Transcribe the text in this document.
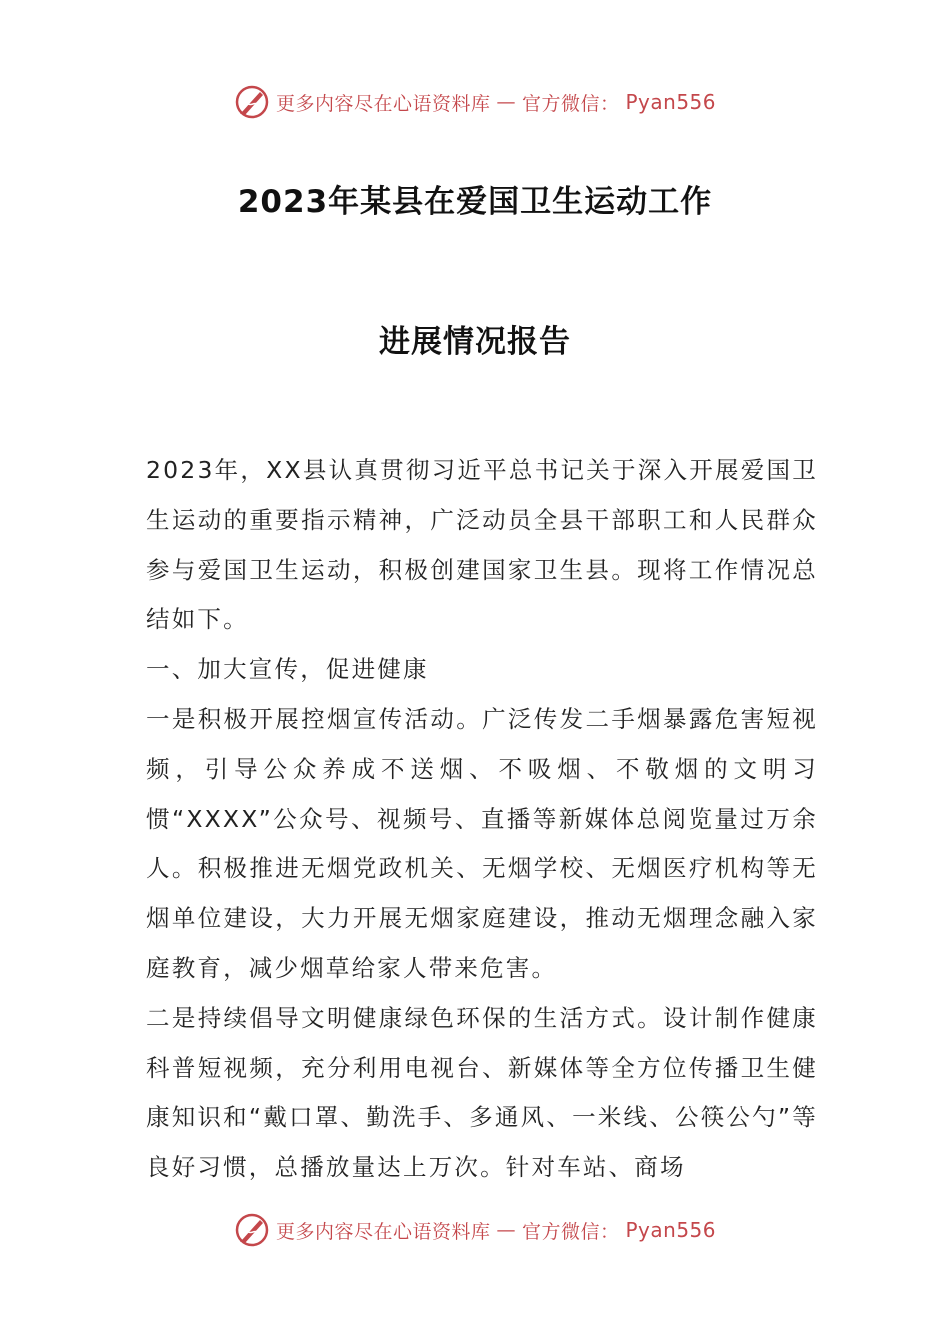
更多内容尽在心语资料库 — 官方微信： Pyan556
2023年某县在爱国卫生运动工作
进展情况报告

2023年，XX县认真贯彻习近平总书记关于深入开展爱国卫生运动的重要指示精神，广泛动员全县干部职工和人民群众参与爱国卫生运动，积极创建国家卫生县。现将工作情况总结如下。

一、加大宣传，促进健康

一是积极开展控烟宣传活动。广泛传发二手烟暴露危害短视频，引导公众养成不送烟、不吸烟、不敬烟的文明习惯“XXXX”公众号、视频号、直播等新媒体总阅览量过万余人。积极推进无烟党政机关、无烟学校、无烟医疗机构等无烟单位建设，大力开展无烟家庭建设，推动无烟理念融入家庭教育，减少烟草给家人带来危害。

二是持续倡导文明健康绿色环保的生活方式。设计制作健康科普短视频，充分利用电视台、新媒体等全方位传播卫生健康知识和“戴口罩、勤洗手、多通风、一米线、公筷公勺”等良好习惯，总播放量达上万次。针对车站、商场

更多内容尽在心语资料库 — 官方微信： Pyan556
